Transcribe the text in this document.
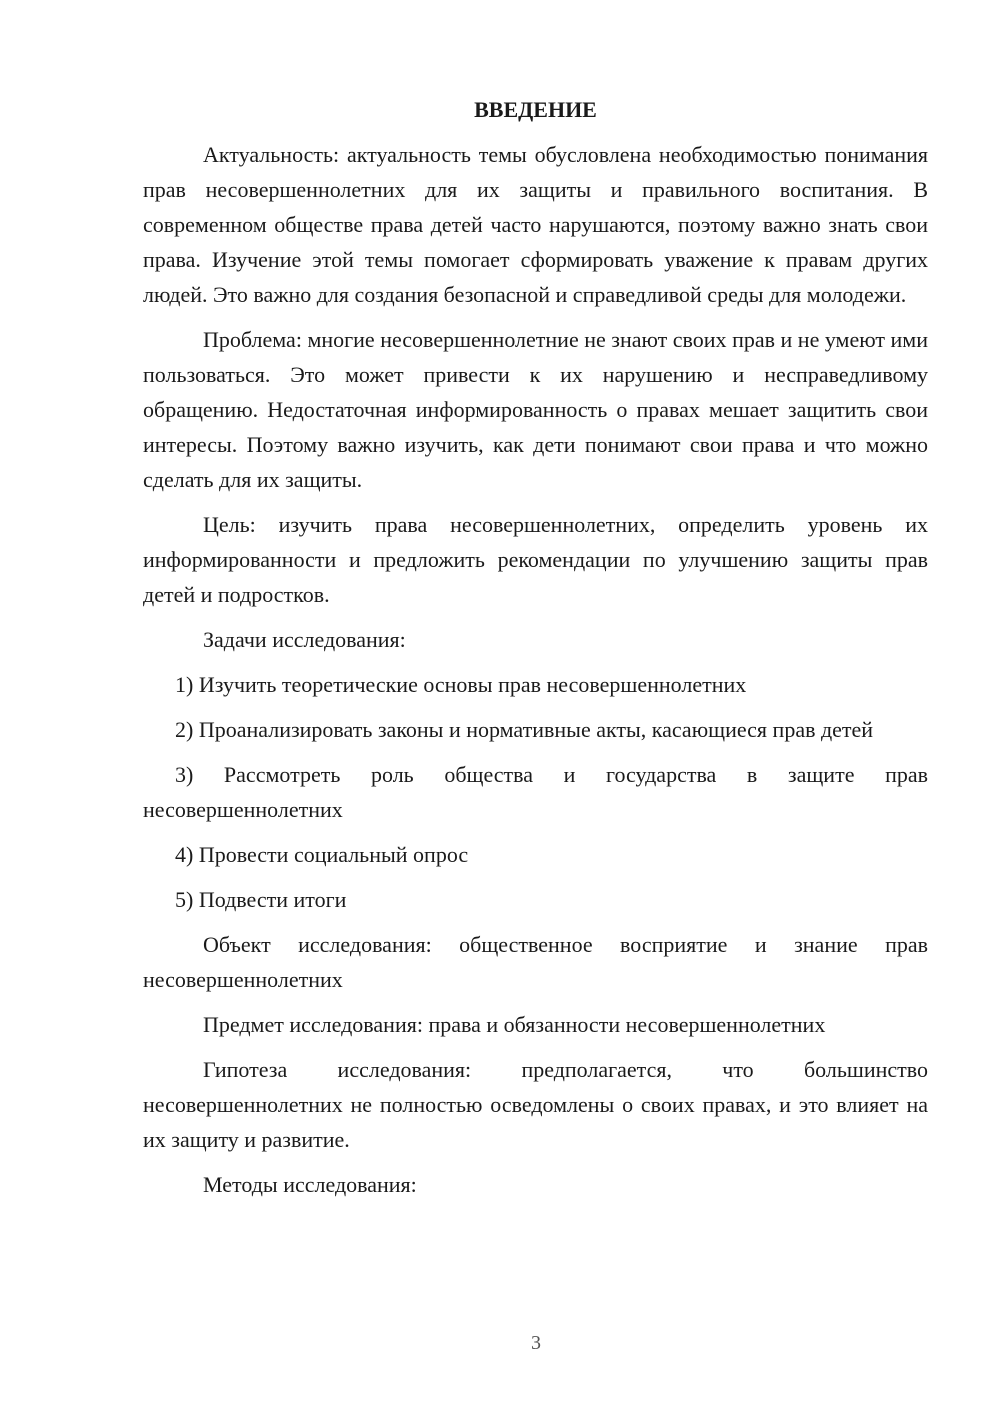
ВВЕДЕНИЕ

Актуальность: актуальность темы обусловлена необходимостью понимания прав несовершеннолетних для их защиты и правильного воспитания. В современном обществе права детей часто нарушаются, поэтому важно знать свои права. Изучение этой темы помогает сформировать уважение к правам других людей. Это важно для создания безопасной и справедливой среды для молодежи.

Проблема: многие несовершеннолетние не знают своих прав и не умеют ими пользоваться. Это может привести к их нарушению и несправедливому обращению. Недостаточная информированность о правах мешает защитить свои интересы. Поэтому важно изучить, как дети понимают свои права и что можно сделать для их защиты.

Цель: изучить права несовершеннолетних, определить уровень их информированности и предложить рекомендации по улучшению защиты прав детей и подростков.

Задачи исследования:

1) Изучить теоретические основы прав несовершеннолетних

2) Проанализировать законы и нормативные акты, касающиеся прав детей

3) Рассмотреть роль общества и государства в защите прав несовершеннолетних

4) Провести социальный опрос

5) Подвести итоги

Объект исследования: общественное восприятие и знание прав несовершеннолетних

Предмет исследования: права и обязанности несовершеннолетних

Гипотеза исследования: предполагается, что большинство несовершеннолетних не полностью осведомлены о своих правах, и это влияет на их защиту и развитие.

Методы исследования:

3
